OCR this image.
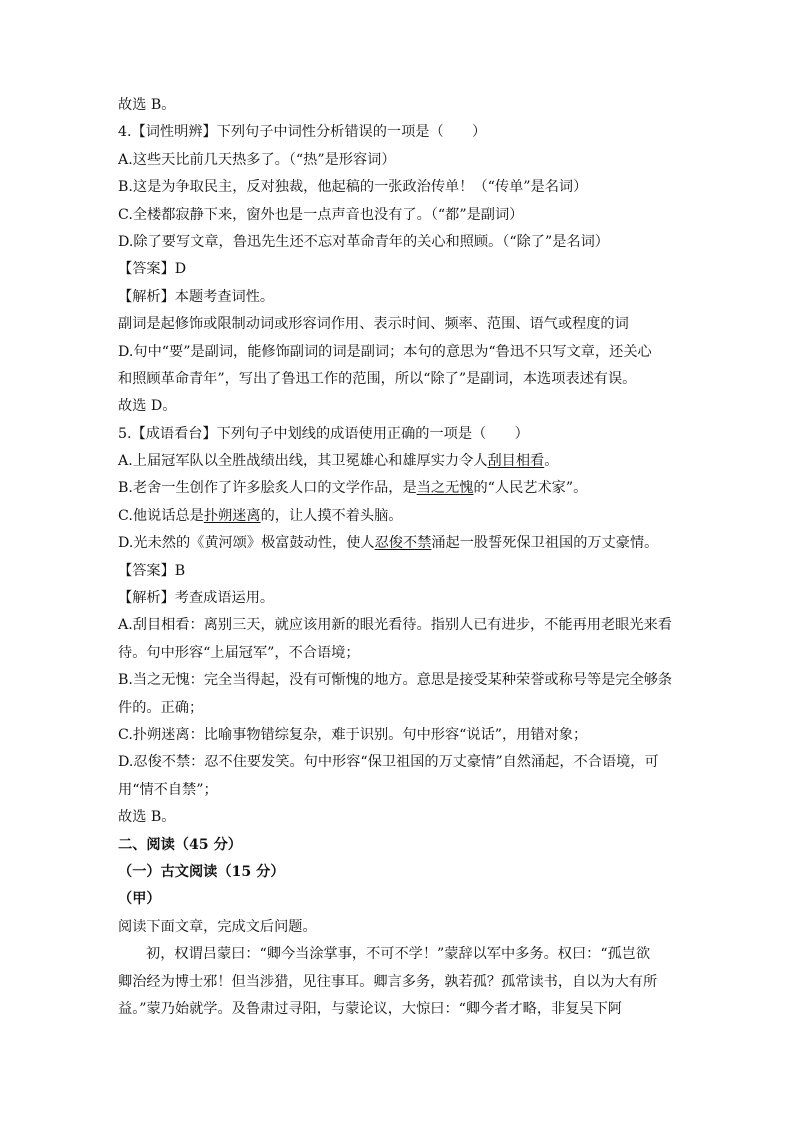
故选 B。
4.【词性明辨】下列句子中词性分析错误的一项是（　　）
A.这些天比前几天热多了。（“热”是形容词）
B.这是为争取民主，反对独裁，他起稿的一张政治传单！（“传单”是名词）
C.全楼都寂静下来，窗外也是一点声音也没有了。（“都”是副词）
D.除了要写文章，鲁迅先生还不忘对革命青年的关心和照顾。（“除了”是名词）
【答案】D
【解析】本题考查词性。
副词是起修饰或限制动词或形容词作用、表示时间、频率、范围、语气或程度的词
D.句中“要”是副词，能修饰副词的词是副词；本句的意思为“鲁迅不只写文章，还关心
和照顾革命青年”，写出了鲁迅工作的范围，所以“除了”是副词，本选项表述有误。
故选 D。
5.【成语看台】下列句子中划线的成语使用正确的一项是（　　）
A.上届冠军队以全胜战绩出线，其卫冕雄心和雄厚实力令人刮目相看。
B.老舍一生创作了许多脍炙人口的文学作品，是当之无愧的“人民艺术家”。
C.他说话总是扑朔迷离的，让人摸不着头脑。
D.光未然的《黄河颂》极富鼓动性，使人忍俊不禁涌起一股誓死保卫祖国的万丈豪情。
【答案】B
【解析】考查成语运用。
A.刮目相看：离别三天，就应该用新的眼光看待。指别人已有进步，不能再用老眼光来看
待。句中形容“上届冠军”，不合语境；
B.当之无愧：完全当得起，没有可惭愧的地方。意思是接受某种荣誉或称号等是完全够条
件的。正确；
C.扑朔迷离：比喻事物错综复杂，难于识别。句中形容“说话”，用错对象；
D.忍俊不禁：忍不住要发笑。句中形容“保卫祖国的万丈豪情”自然涌起，不合语境，可
用“情不自禁”；
故选 B。
二、阅读（45 分）
（一）古文阅读（15 分）
（甲）
阅读下面文章，完成文后问题。
初，权谓吕蒙曰：“卿今当涂掌事，不可不学！”蒙辞以军中多务。权曰：“孤岂欲
卿治经为博士邪！但当涉猎，见往事耳。卿言多务，孰若孤？孤常读书，自以为大有所
益。”蒙乃始就学。及鲁肃过寻阳，与蒙论议，大惊曰：“卿今者才略，非复吴下阿
